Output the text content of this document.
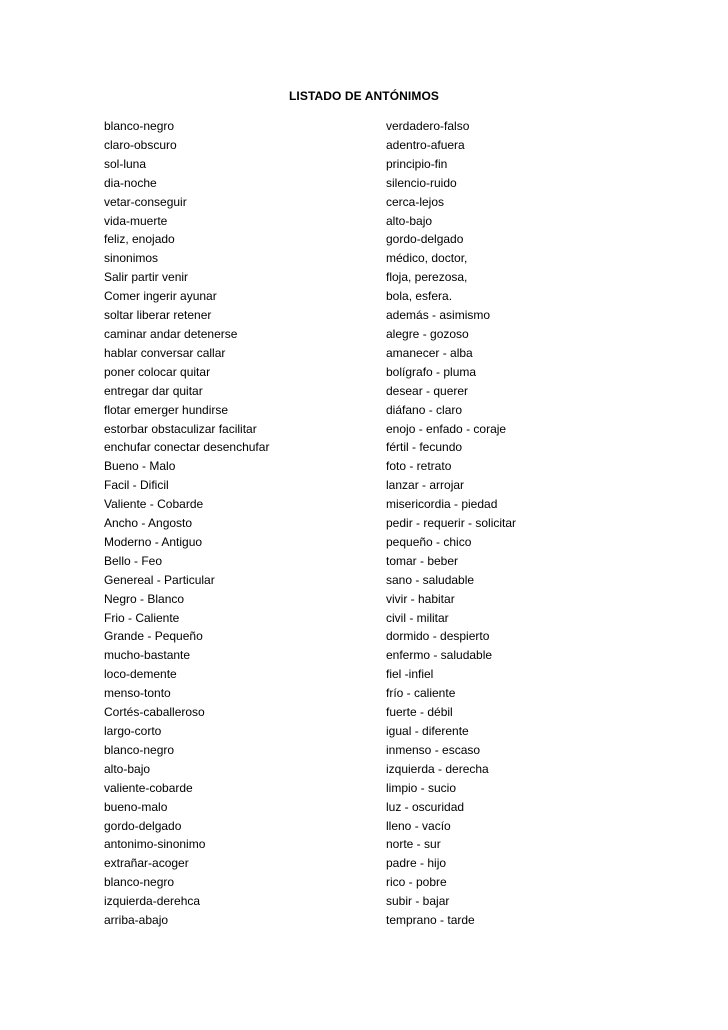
LISTADO DE ANTÓNIMOS
blanco-negro
claro-obscuro
sol-luna
dia-noche
vetar-conseguir
vida-muerte
feliz, enojado
sinonimos
Salir partir venir
Comer ingerir ayunar
soltar liberar retener
caminar andar detenerse
hablar conversar callar
poner colocar quitar
entregar dar quitar
flotar emerger hundirse
estorbar obstaculizar facilitar
enchufar conectar desenchufar
Bueno - Malo
Facil - Dificil
Valiente - Cobarde
Ancho - Angosto
Moderno - Antiguo
Bello - Feo
Genereal - Particular
Negro - Blanco
Frio - Caliente
Grande - Pequeño
mucho-bastante
loco-demente
menso-tonto
Cortés-caballeroso
largo-corto
blanco-negro
alto-bajo
valiente-cobarde
bueno-malo
gordo-delgado
antonimo-sinonimo
extrañar-acoger
blanco-negro
izquierda-derehca
arriba-abajo
verdadero-falso
adentro-afuera
principio-fin
silencio-ruido
cerca-lejos
alto-bajo
gordo-delgado
médico, doctor,
floja, perezosa,
bola, esfera.
además - asimismo
alegre - gozoso
amanecer - alba
bolígrafo - pluma
desear - querer
diáfano - claro
enojo - enfado - coraje
fértil - fecundo
foto - retrato
lanzar - arrojar
misericordia - piedad
pedir - requerir - solicitar
pequeño - chico
tomar - beber
sano - saludable
vivir - habitar
civil - militar
dormido - despierto
enfermo - saludable
fiel -infiel
frío - caliente
fuerte - débil
igual - diferente
inmenso - escaso
izquierda - derecha
limpio - sucio
luz - oscuridad
lleno - vacío
norte - sur
padre - hijo
rico - pobre
subir - bajar
temprano - tarde
